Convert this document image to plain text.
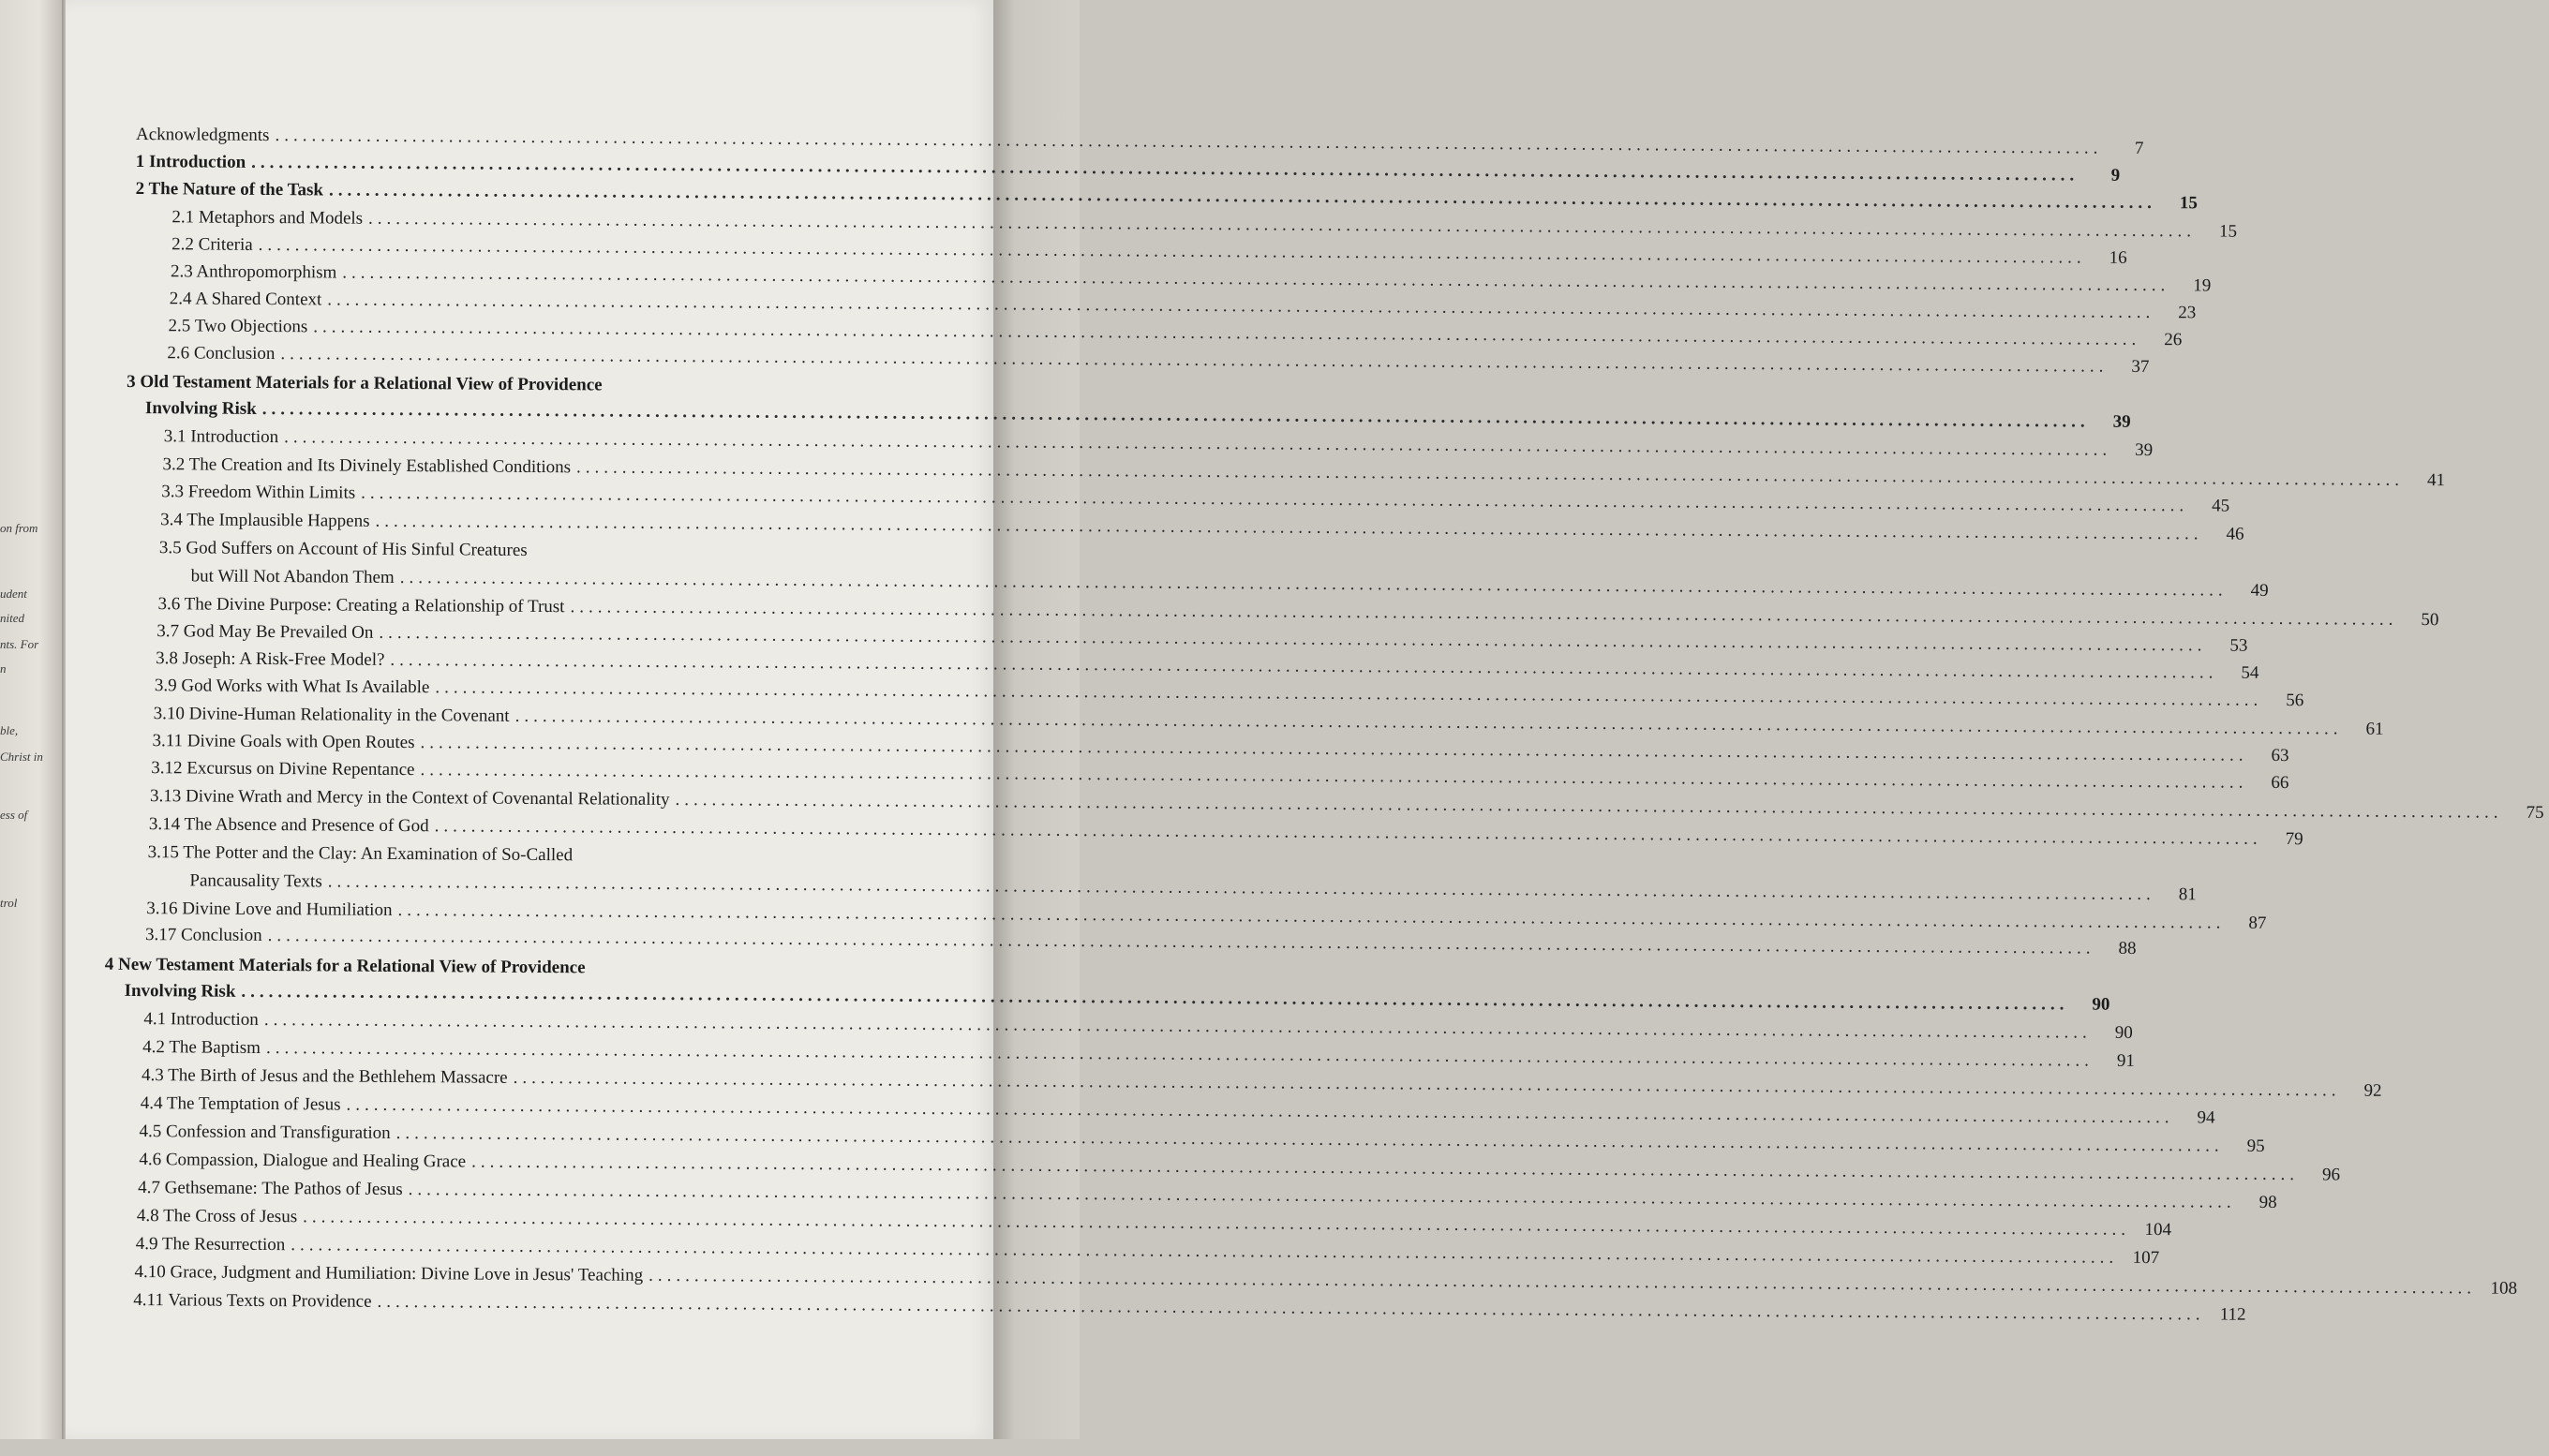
on from
udent
nited
nts. For
n
ble,
Christ in
ess of
trol
Acknowledgments ........................................................................................................................................................................................................	7
1 Introduction ........................................................................................................................................................................................................	9
2 The Nature of the Task ........................................................................................................................................................................................................	15
2.1 Metaphors and Models ........................................................................................................................................................................................................	15
2.2 Criteria ........................................................................................................................................................................................................	16
2.3 Anthropomorphism ........................................................................................................................................................................................................	19
2.4 A Shared Context ........................................................................................................................................................................................................	23
2.5 Two Objections ........................................................................................................................................................................................................	26
2.6 Conclusion ........................................................................................................................................................................................................	37
3 Old Testament Materials for a Relational View of Providence
Involving Risk ........................................................................................................................................................................................................	39
3.1 Introduction ........................................................................................................................................................................................................	39
3.2 The Creation and Its Divinely Established Conditions ........................................................................................................................................................................................................	41
3.3 Freedom Within Limits ........................................................................................................................................................................................................	45
3.4 The Implausible Happens ........................................................................................................................................................................................................	46
3.5 God Suffers on Account of His Sinful Creatures
but Will Not Abandon Them ........................................................................................................................................................................................................	49
3.6 The Divine Purpose: Creating a Relationship of Trust ........................................................................................................................................................................................................	50
3.7 God May Be Prevailed On ........................................................................................................................................................................................................	53
3.8 Joseph: A Risk-Free Model? ........................................................................................................................................................................................................	54
3.9 God Works with What Is Available ........................................................................................................................................................................................................	56
3.10 Divine-Human Relationality in the Covenant ........................................................................................................................................................................................................	61
3.11 Divine Goals with Open Routes ........................................................................................................................................................................................................	63
3.12 Excursus on Divine Repentance ........................................................................................................................................................................................................	66
3.13 Divine Wrath and Mercy in the Context of Covenantal Relationality ........................................................................................................................................................................................................	75
3.14 The Absence and Presence of God ........................................................................................................................................................................................................	79
3.15 The Potter and the Clay: An Examination of So-Called
Pancausality Texts ........................................................................................................................................................................................................	81
3.16 Divine Love and Humiliation ........................................................................................................................................................................................................	87
3.17 Conclusion ........................................................................................................................................................................................................	88
4 New Testament Materials for a Relational View of Providence
Involving Risk ........................................................................................................................................................................................................	90
4.1 Introduction ........................................................................................................................................................................................................	90
4.2 The Baptism ........................................................................................................................................................................................................	91
4.3 The Birth of Jesus and the Bethlehem Massacre ........................................................................................................................................................................................................	92
4.4 The Temptation of Jesus ........................................................................................................................................................................................................	94
4.5 Confession and Transfiguration ........................................................................................................................................................................................................	95
4.6 Compassion, Dialogue and Healing Grace ........................................................................................................................................................................................................	96
4.7 Gethsemane: The Pathos of Jesus ........................................................................................................................................................................................................	98
4.8 The Cross of Jesus ........................................................................................................................................................................................................ 104
4.9 The Resurrection ........................................................................................................................................................................................................ 107
4.10 Grace, Judgment and Humiliation: Divine Love in Jesus' Teaching ........................................................................................................................................................................................................ 108
4.11 Various Texts on Providence ........................................................................................................................................................................................................ 112
